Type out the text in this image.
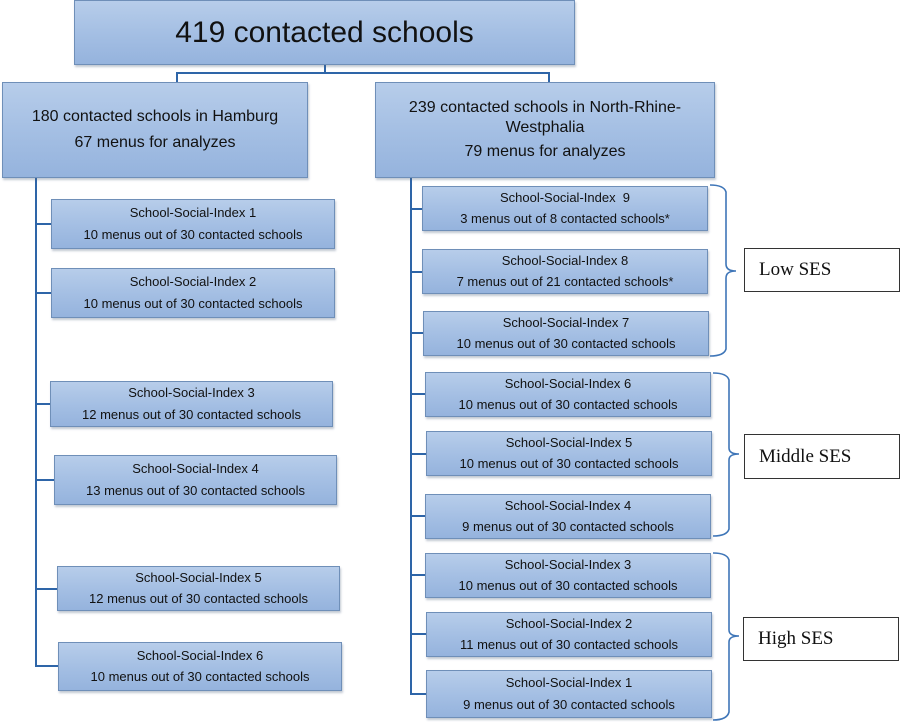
419 contacted schools
180 contacted schools in Hamburg
67 menus for analyzes
239 contacted schools in North-Rhine-Westphalia
79 menus for analyzes
School-Social-Index 1
10 menus out of 30 contacted schools
School-Social-Index 2
10 menus out of 30 contacted schools
School-Social-Index 3
12 menus out of 30 contacted schools
School-Social-Index 4
13 menus out of 30 contacted schools
School-Social-Index 5
12 menus out of 30 contacted schools
School-Social-Index 6
10 menus out of 30 contacted schools
School-Social-Index  9
3 menus out of 8 contacted schools*
School-Social-Index 8
7 menus out of 21 contacted schools*
School-Social-Index 7
10 menus out of 30 contacted schools
School-Social-Index 6
10 menus out of 30 contacted schools
School-Social-Index 5
10 menus out of 30 contacted schools
School-Social-Index 4
9 menus out of 30 contacted schools
School-Social-Index 3
10 menus out of 30 contacted schools
School-Social-Index 2
11 menus out of 30 contacted schools
School-Social-Index 1
9 menus out of 30 contacted schools
Low SES
Middle SES
High SES
